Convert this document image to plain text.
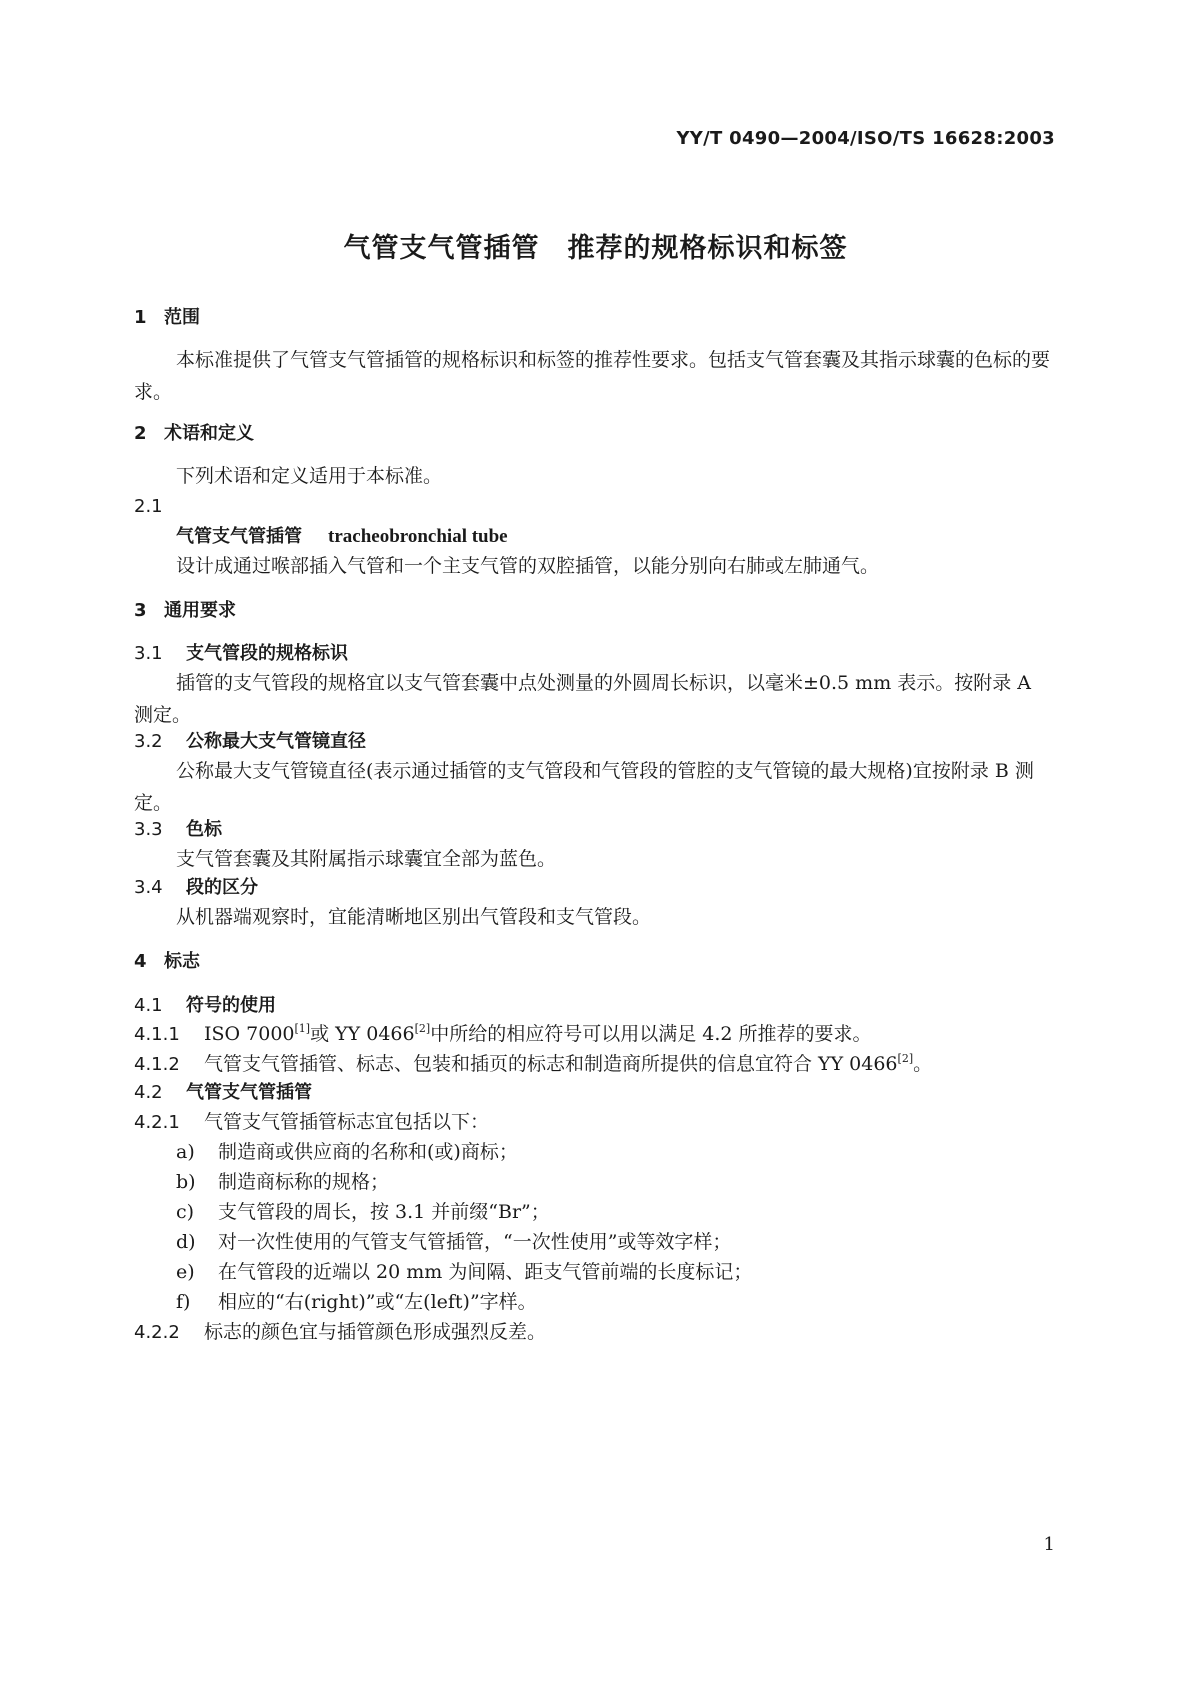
YY/T 0490—2004/ISO/TS 16628:2003
气管支气管插管　推荐的规格标识和标签
1 范围
本标准提供了气管支气管插管的规格标识和标签的推荐性要求。包括支气管套囊及其指示球囊的色标的要求。
2 术语和定义
下列术语和定义适用于本标准。
2.1
气管支气管插管 tracheobronchial tube
设计成通过喉部插入气管和一个主支气管的双腔插管，以能分别向右肺或左肺通气。
3 通用要求
3.1 支气管段的规格标识
插管的支气管段的规格宜以支气管套囊中点处测量的外圆周长标识，以毫米±0.5 mm 表示。按附录 A 测定。
3.2 公称最大支气管镜直径
公称最大支气管镜直径(表示通过插管的支气管段和气管段的管腔的支气管镜的最大规格)宜按附录 B 测定。
3.3 色标
支气管套囊及其附属指示球囊宜全部为蓝色。
3.4 段的区分
从机器端观察时，宜能清晰地区别出气管段和支气管段。
4 标志
4.1 符号的使用
4.1.1 ISO 7000[1]或 YY 0466[2]中所给的相应符号可以用以满足 4.2 所推荐的要求。
4.1.2 气管支气管插管、标志、包装和插页的标志和制造商所提供的信息宜符合 YY 0466[2]。
4.2 气管支气管插管
4.2.1 气管支气管插管标志宜包括以下：
a) 制造商或供应商的名称和(或)商标；
b) 制造商标称的规格；
c) 支气管段的周长，按 3.1 并前缀“Br”；
d) 对一次性使用的气管支气管插管，“一次性使用”或等效字样；
e) 在气管段的近端以 20 mm 为间隔、距支气管前端的长度标记；
f) 相应的“右(right)”或“左(left)”字样。
4.2.2 标志的颜色宜与插管颜色形成强烈反差。
1
